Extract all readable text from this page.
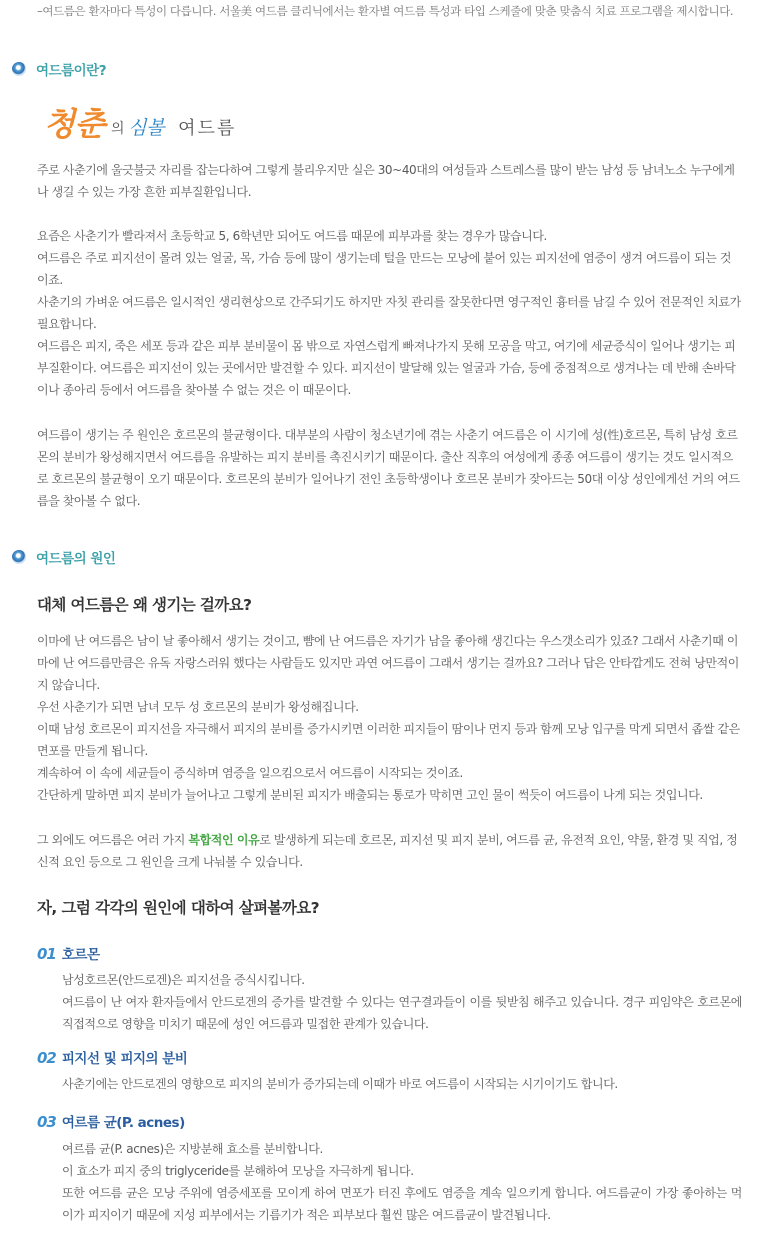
–여드름은 환자마다 특성이 다릅니다. 서울美 여드름 클리닉에서는 환자별 여드름 특성과 타입 스케줄에 맞춘 맞춤식 치료 프로그램을 제시합니다.
여드름이란?
청춘 의 심볼 여드름

주로 사춘기에 울긋불긋 자리를 잡는다하여 그렇게 불리우지만 실은 30~40대의 여성들과 스트레스를 많이 받는 남성 등 남녀노소 누구에게나 생길 수 있는 가장 흔한 피부질환입니다.

요즘은 사춘기가 빨라져서 초등학교 5, 6학년만 되어도 여드름 때문에 피부과를 찾는 경우가 많습니다.

여드름은 주로 피지선이 몰려 있는 얼굴, 목, 가슴 등에 많이 생기는데 털을 만드는 모낭에 붙어 있는 피지선에 염증이 생겨 여드름이 되는 것이죠.

사춘기의 가벼운 여드름은 일시적인 생리현상으로 간주되기도 하지만 자칫 관리를 잘못한다면 영구적인 흉터를 남길 수 있어 전문적인 치료가 필요합니다.

여드름은 피지, 죽은 세포 등과 같은 피부 분비물이 몸 밖으로 자연스럽게 빠져나가지 못해 모공을 막고, 여기에 세균증식이 일어나 생기는 피부질환이다. 여드름은 피지선이 있는 곳에서만 발견할 수 있다. 피지선이 발달해 있는 얼굴과 가슴, 등에 중점적으로 생겨나는 데 반해 손바닥이나 종아리 등에서 여드름을 찾아볼 수 없는 것은 이 때문이다.

여드름이 생기는 주 원인은 호르몬의 불균형이다. 대부분의 사람이 청소년기에 겪는 사춘기 여드름은 이 시기에 성(性)호르몬, 특히 남성 호르몬의 분비가 왕성해지면서 여드름을 유발하는 피지 분비를 촉진시키기 때문이다. 출산 직후의 여성에게 종종 여드름이 생기는 것도 일시적으로 호르몬의 불균형이 오기 때문이다. 호르몬의 분비가 일어나기 전인 초등학생이나 호르몬 분비가 잦아드는 50대 이상 성인에게선 거의 여드름을 찾아볼 수 없다.

여드름의 원인
대체 여드름은 왜 생기는 걸까요?

이마에 난 여드름은 남이 날 좋아해서 생기는 것이고, 뺨에 난 여드름은 자기가 남을 좋아해 생긴다는 우스갯소리가 있죠? 그래서 사춘기때 이마에 난 여드름만큼은 유독 자랑스러워 했다는 사람들도 있지만 과연 여드름이 그래서 생기는 걸까요? 그러나 답은 안타깝게도 전혀 낭만적이지 않습니다.

우선 사춘기가 되면 남녀 모두 성 호르몬의 분비가 왕성해집니다.

이때 남성 호르몬이 피지선을 자극해서 피지의 분비를 증가시키면 이러한 피지들이 땀이나 먼지 등과 함께 모낭 입구를 막게 되면서 좁쌀 같은 면포를 만들게 됩니다.

계속하여 이 속에 세균들이 증식하며 염증을 일으킴으로서 여드름이 시작되는 것이죠.

간단하게 말하면 피지 분비가 늘어나고 그렇게 분비된 피지가 배출되는 통로가 막히면 고인 물이 썩듯이 여드름이 나게 되는 것입니다.

그 외에도 여드름은 여러 가지 복합적인 이유로 발생하게 되는데 호르몬, 피지선 및 피지 분비, 여드름 균, 유전적 요인, 약물, 환경 및 직업, 정신적 요인 등으로 그 원인을 크게 나눠볼 수 있습니다.

자, 그럼 각각의 원인에 대하여 살펴볼까요?
01 호르몬

남성호르몬(안드로겐)은 피지선을 증식시킵니다.

여드름이 난 여자 환자들에서 안드로겐의 증가를 발견할 수 있다는 연구결과들이 이를 뒷받침 해주고 있습니다. 경구 피임약은 호르몬에 직접적으로 영향을 미치기 때문에 성인 여드름과 밀접한 관계가 있습니다.

02 피지선 및 피지의 분비

사춘기에는 안드로겐의 영향으로 피지의 분비가 증가되는데 이때가 바로 여드름이 시작되는 시기이기도 합니다.

03 여르름 균(P. acnes)

여르름 균(P. acnes)은 지방분해 효소를 분비합니다.

이 효소가 피지 중의 triglyceride를 분해하여 모낭을 자극하게 됩니다.

또한 여드름 균은 모낭 주위에 염증세포를 모이게 하여 면포가 터진 후에도 염증을 계속 일으키게 합니다. 여드름균이 가장 좋아하는 먹이가 피지이기 때문에 지성 피부에서는 기름기가 적은 피부보다 훨씬 많은 여드름균이 발견됩니다.
